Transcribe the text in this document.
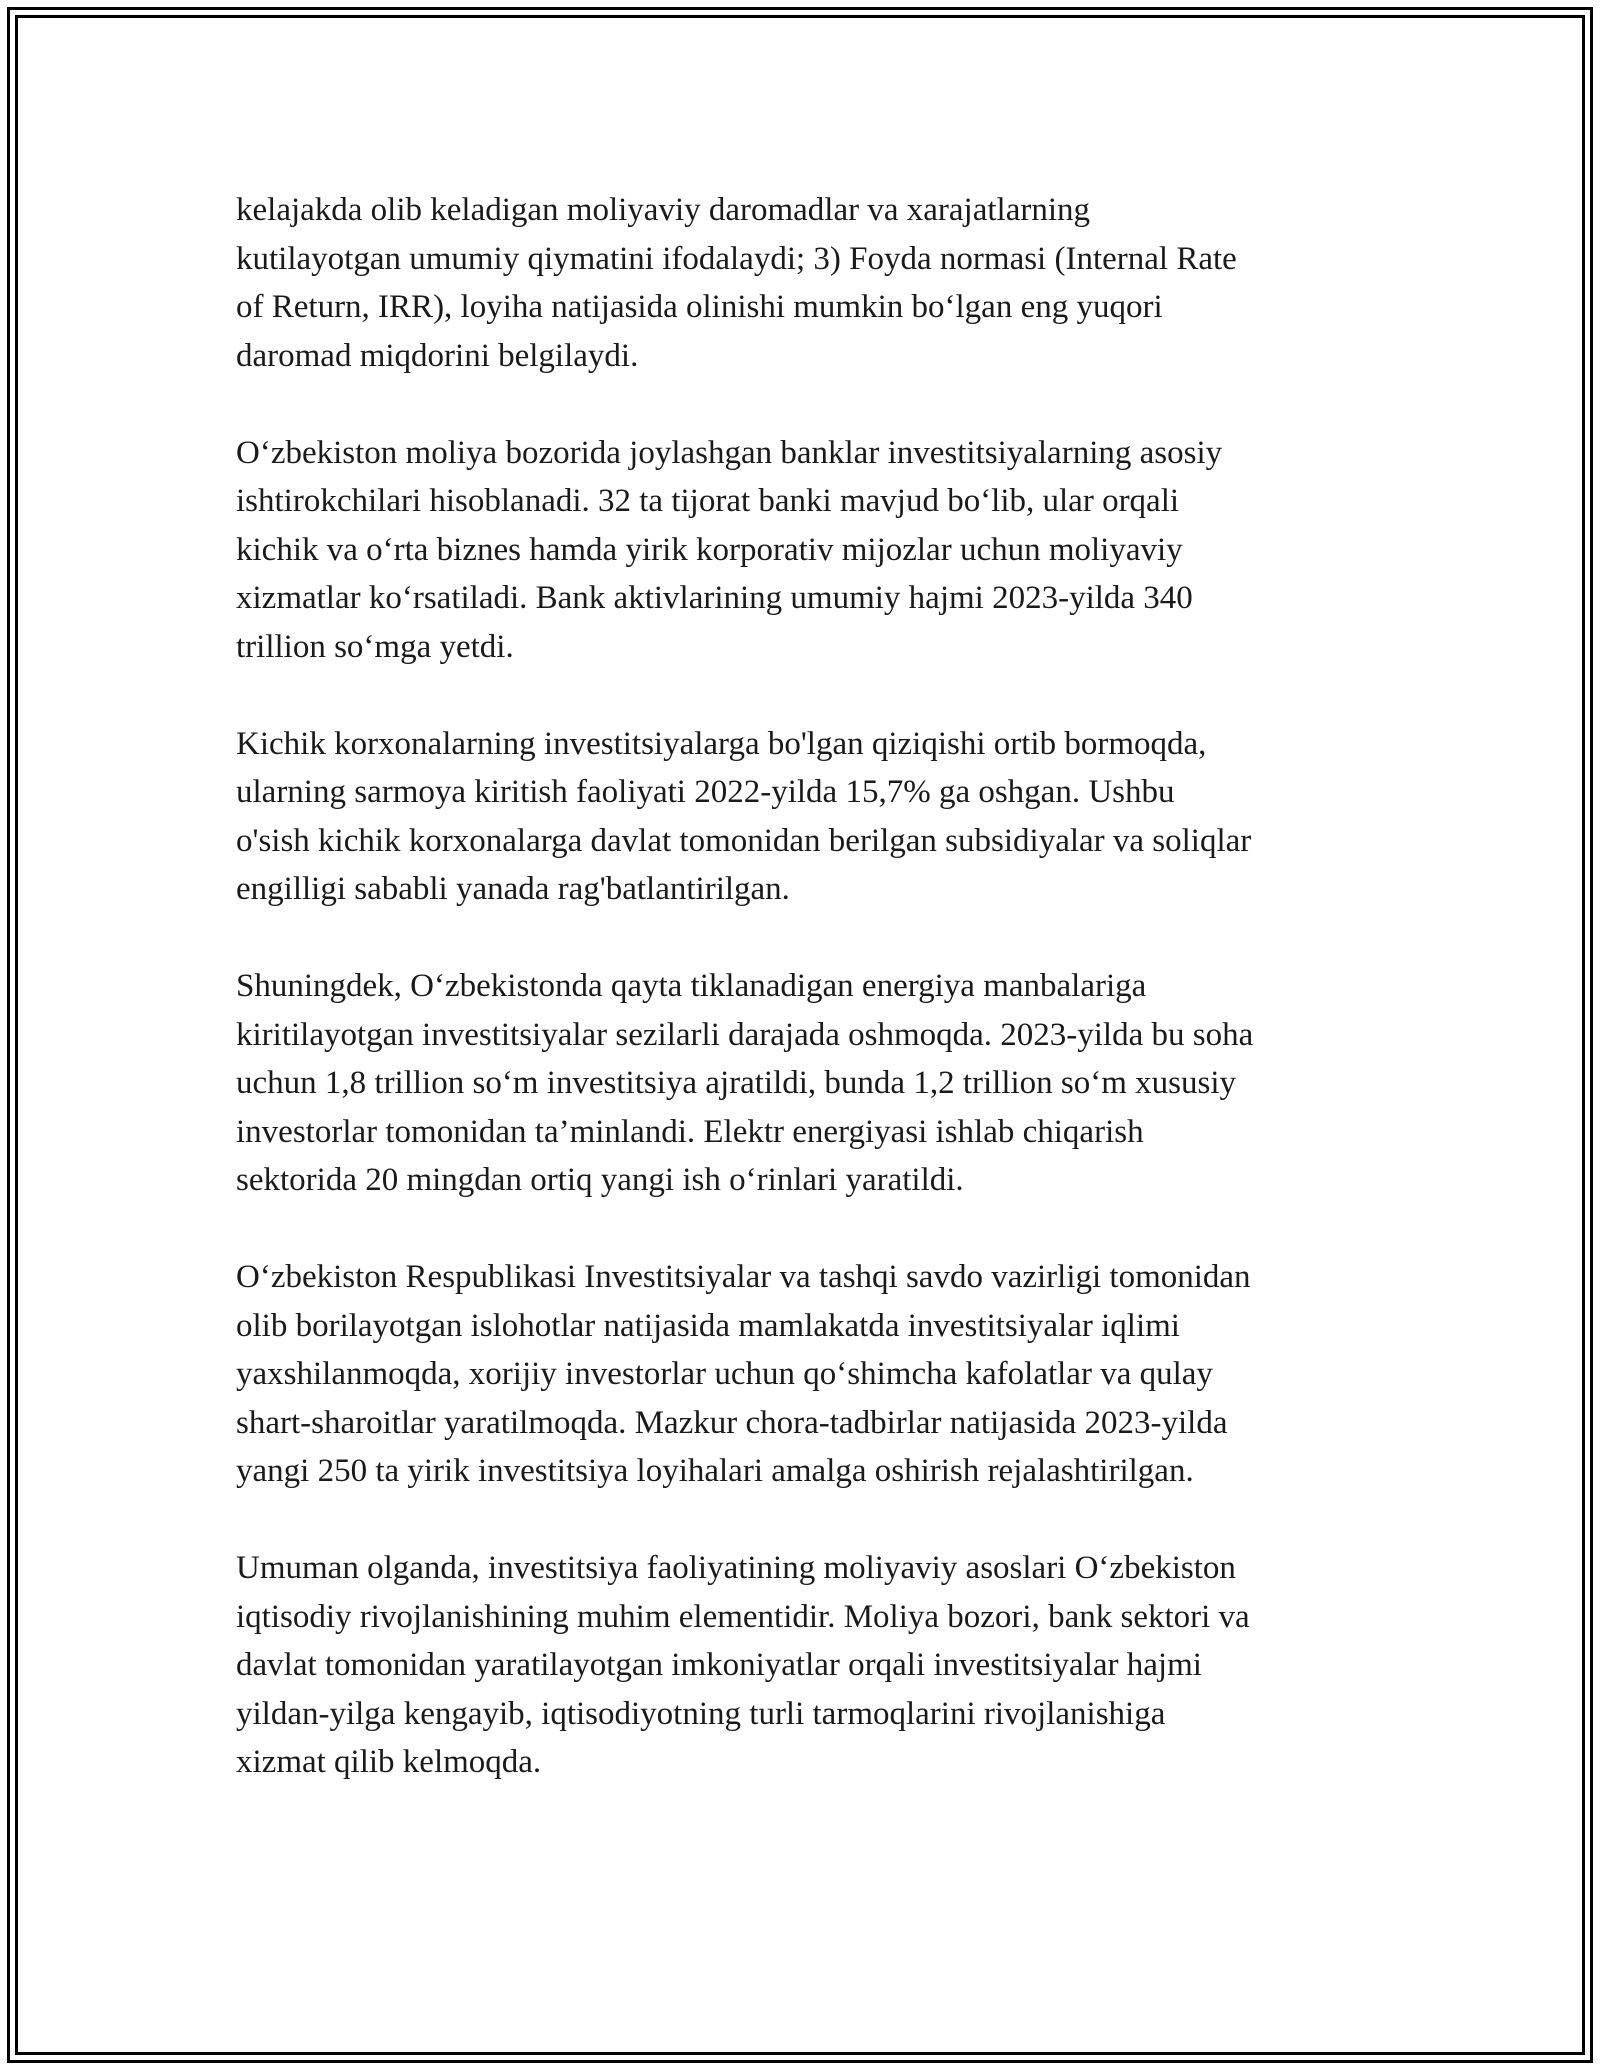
kelajakda olib keladigan moliyaviy daromadlar va xarajatlarning
kutilayotgan umumiy qiymatini ifodalaydi; 3) Foyda normasi (Internal Rate
of Return, IRR), loyiha natijasida olinishi mumkin bo‘lgan eng yuqori
daromad miqdorini belgilaydi.

O‘zbekiston moliya bozorida joylashgan banklar investitsiyalarning asosiy
ishtirokchilari hisoblanadi. 32 ta tijorat banki mavjud bo‘lib, ular orqali
kichik va o‘rta biznes hamda yirik korporativ mijozlar uchun moliyaviy
xizmatlar ko‘rsatiladi. Bank aktivlarining umumiy hajmi 2023-yilda 340
trillion so‘mga yetdi.

Kichik korxonalarning investitsiyalarga bo'lgan qiziqishi ortib bormoqda,
ularning sarmoya kiritish faoliyati 2022-yilda 15,7% ga oshgan. Ushbu
o'sish kichik korxonalarga davlat tomonidan berilgan subsidiyalar va soliqlar
engilligi sababli yanada rag'batlantirilgan.

Shuningdek, O‘zbekistonda qayta tiklanadigan energiya manbalariga
kiritilayotgan investitsiyalar sezilarli darajada oshmoqda. 2023-yilda bu soha
uchun 1,8 trillion so‘m investitsiya ajratildi, bunda 1,2 trillion so‘m xususiy
investorlar tomonidan ta’minlandi. Elektr energiyasi ishlab chiqarish
sektorida 20 mingdan ortiq yangi ish o‘rinlari yaratildi.

O‘zbekiston Respublikasi Investitsiyalar va tashqi savdo vazirligi tomonidan
olib borilayotgan islohotlar natijasida mamlakatda investitsiyalar iqlimi
yaxshilanmoqda, xorijiy investorlar uchun qo‘shimcha kafolatlar va qulay
shart-sharoitlar yaratilmoqda. Mazkur chora-tadbirlar natijasida 2023-yilda
yangi 250 ta yirik investitsiya loyihalari amalga oshirish rejalashtirilgan.

Umuman olganda, investitsiya faoliyatining moliyaviy asoslari O‘zbekiston
iqtisodiy rivojlanishining muhim elementidir. Moliya bozori, bank sektori va
davlat tomonidan yaratilayotgan imkoniyatlar orqali investitsiyalar hajmi
yildan-yilga kengayib, iqtisodiyotning turli tarmoqlarini rivojlanishiga
xizmat qilib kelmoqda.
